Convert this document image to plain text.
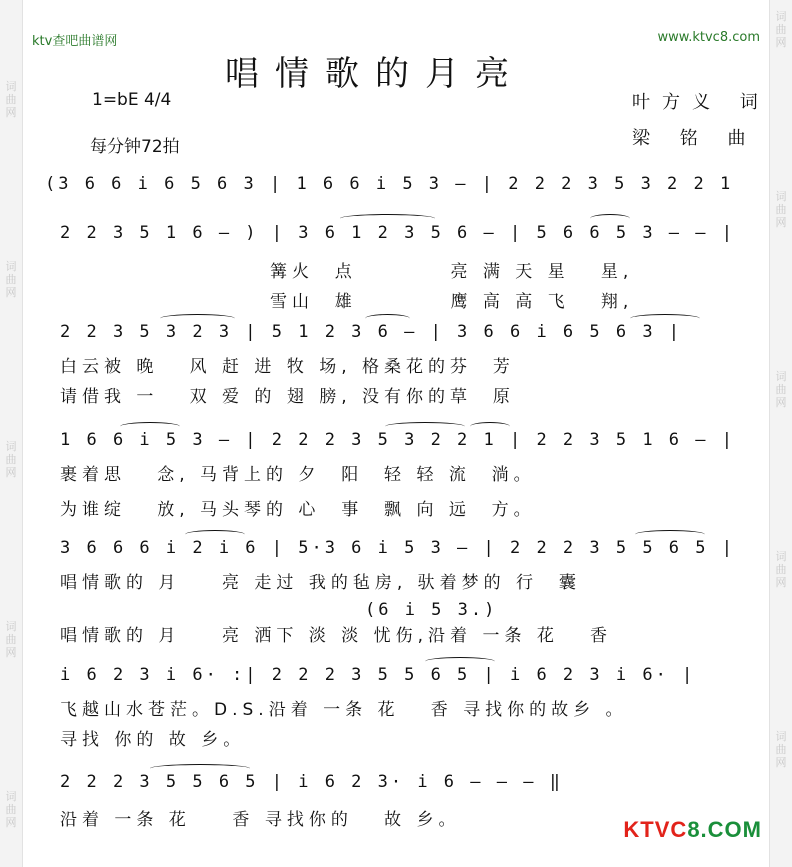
词曲网
词曲网
词曲网
词曲网
词曲网
词曲网
词曲网
词曲网
词曲网
词曲网
ktv查吧曲谱网	www.ktvc8.com
唱情歌的月亮
1=bE 4/4
每分钟72拍
叶方义 词
梁 铭 曲
(3 6 6 i 6 5 6 3 | 1 6 6 i 5 3 — | 2 2 2 3 5 3 2 2 1
2 2 3 5 1 6 — ) | 3 6 1 2 3 5 6 — | 5 6 6 5 3 — — |
篝火  点         亮 满 天 星   星,
雪山  雄         鹰 高 高 飞   翔,
2 2 3 5 3 2 3 | 5 1 2 3 6 — | 3 6 6 i 6 5 6 3 |
白云被 晚   风 赶 进 牧 场, 格桑花的芬  芳
请借我 一   双 爱 的 翅 膀, 没有你的草  原
1 6 6 i 5 3 — | 2 2 2 3 5 3 2 2 1 | 2 2 3 5 1 6 — |
裹着思   念, 马背上的 夕  阳  轻 轻 流  淌。
为谁绽   放, 马头琴的 心  事  飘 向 远  方。
3 6 6 6 i 2 i 6 | 5·3 6 i 5 3 — | 2 2 2 3 5 5 6 5 |
唱情歌的 月    亮 走过 我的毡房, 驮着梦的 行  囊
(6 i 5 3.)
唱情歌的 月    亮 洒下 淡 淡 忧伤,沿着 一条 花   香
i 6 2 3 i 6· :| 2 2 2 3 5 5 6 5 | i 6 2 3 i 6· |
飞越山水苍茫。D.S.沿着 一条 花   香 寻找你的故乡 。
寻找 你的 故 乡。
2 2 2 3 5 5 6 5 | i 6 2 3· i 6 — — — ‖
沿着 一条 花    香 寻找你的   故 乡。	KTVC8.COM
